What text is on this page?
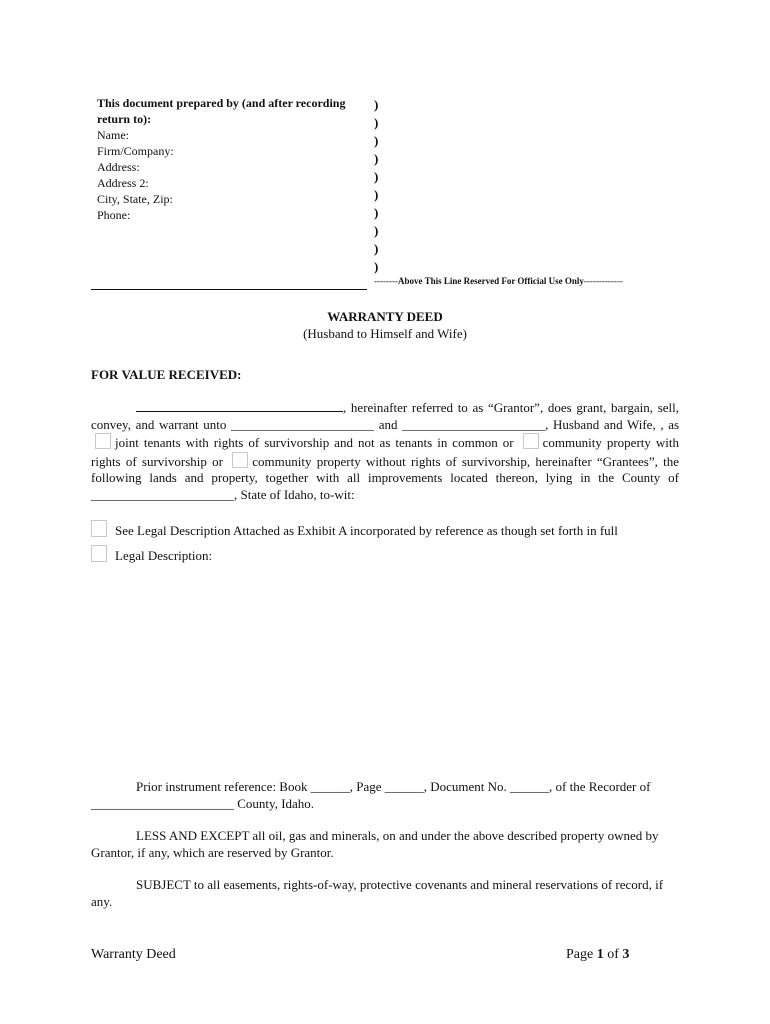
This document prepared by (and after recording return to):
Name:
Firm/Company:
Address:
Address 2:
City, State, Zip:
Phone:
)
)
)
)
)
)
)
)
)
)
--------Above This Line Reserved For Official Use Only-------------
WARRANTY DEED
(Husband to Himself and Wife)
FOR VALUE RECEIVED:
, hereinafter referred to as “Grantor”, does grant, bargain, sell, convey, and warrant unto ______________________ and ______________________, Husband and Wife, , as joint tenants with rights of survivorship and not as tenants in common or community property with rights of survivorship or community property without rights of survivorship, hereinafter “Grantees”, the following lands and property, together with all improvements located thereon, lying in the County of ______________________, State of Idaho, to-wit:
See Legal Description Attached as Exhibit A incorporated by reference as though set forth in full
Legal Description:
Prior instrument reference: Book ______, Page ______, Document No. ______, of the Recorder of
______________________ County, Idaho.
LESS AND EXCEPT all oil, gas and minerals, on and under the above described property owned by Grantor, if any, which are reserved by Grantor.
SUBJECT to all easements, rights-of-way, protective covenants and mineral reservations of record, if any.
Warranty Deed	Page 1 of 3
